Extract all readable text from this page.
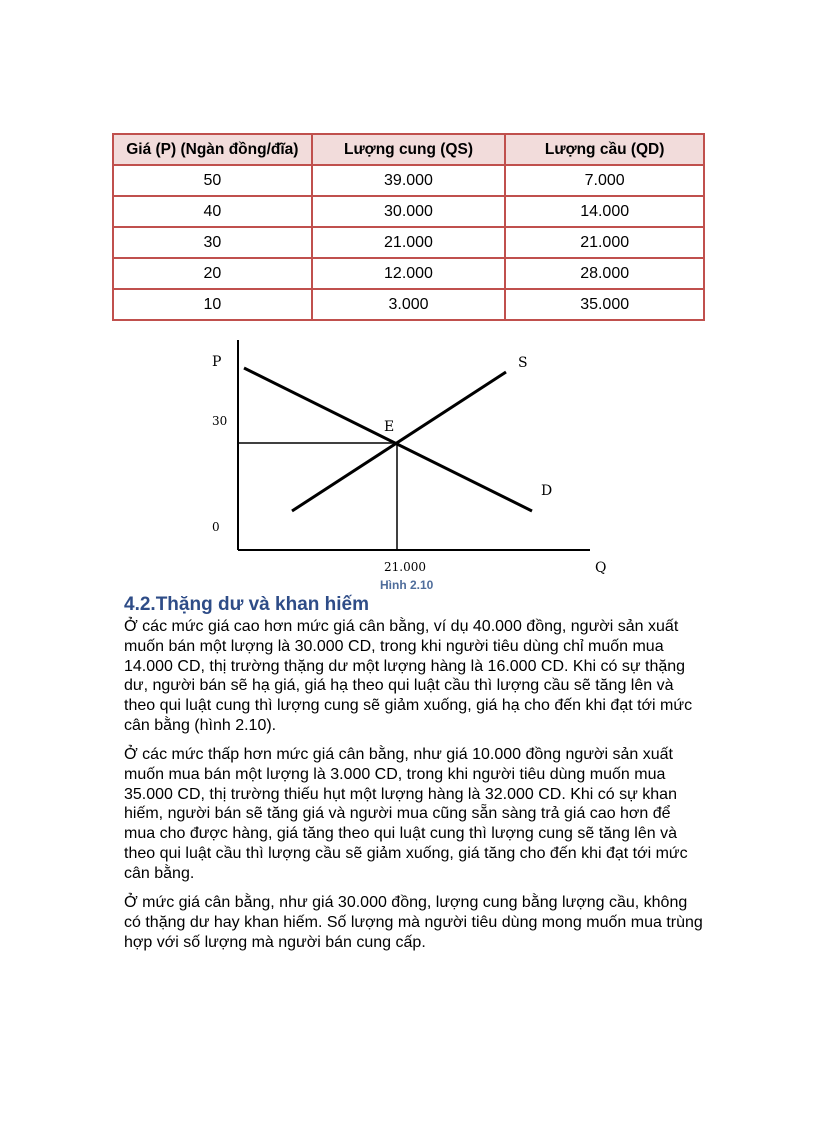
Giá (P) (Ngàn đồng/đĩa)	Lượng cung (QS)	Lượng cầu (QD)
50	39.000	7.000
40	30.000	14.000
30	21.000	21.000
20	12.000	28.000
10	3.000	35.000
P
Q
30
0
21.000
E
S
D
Hình 2.10
4.2.Thặng dư và khan hiếm

Ở các mức giá cao hơn mức giá cân bằng, ví dụ 40.000 đồng, người sản xuất muốn bán một lượng là 30.000 CD, trong khi người tiêu dùng chỉ muốn mua 14.000 CD, thị trường thặng dư một lượng hàng là 16.000 CD. Khi có sự thặng dư, người bán sẽ hạ giá, giá hạ theo qui luật cầu thì lượng cầu sẽ tăng lên và theo qui luật cung thì lượng cung sẽ giảm xuống, giá hạ cho đến khi đạt tới mức cân bằng (hình 2.10).

Ở các mức thấp hơn mức giá cân bằng, như giá 10.000 đồng người sản xuất muốn mua bán một lượng là 3.000 CD, trong khi người tiêu dùng muốn mua 35.000 CD, thị trường thiếu hụt một lượng hàng là 32.000 CD. Khi có sự khan hiếm, người bán sẽ tăng giá và người mua cũng sẵn sàng trả giá cao hơn để mua cho được hàng, giá tăng theo qui luật cung thì lượng cung sẽ tăng lên và theo qui luật cầu thì lượng cầu sẽ giảm xuống, giá tăng cho đến khi đạt tới mức cân bằng.

Ở mức giá cân bằng, như giá 30.000 đồng, lượng cung bằng lượng cầu, không có thặng dư hay khan hiếm. Số lượng mà người tiêu dùng mong muốn mua trùng hợp với số lượng mà người bán cung cấp.
